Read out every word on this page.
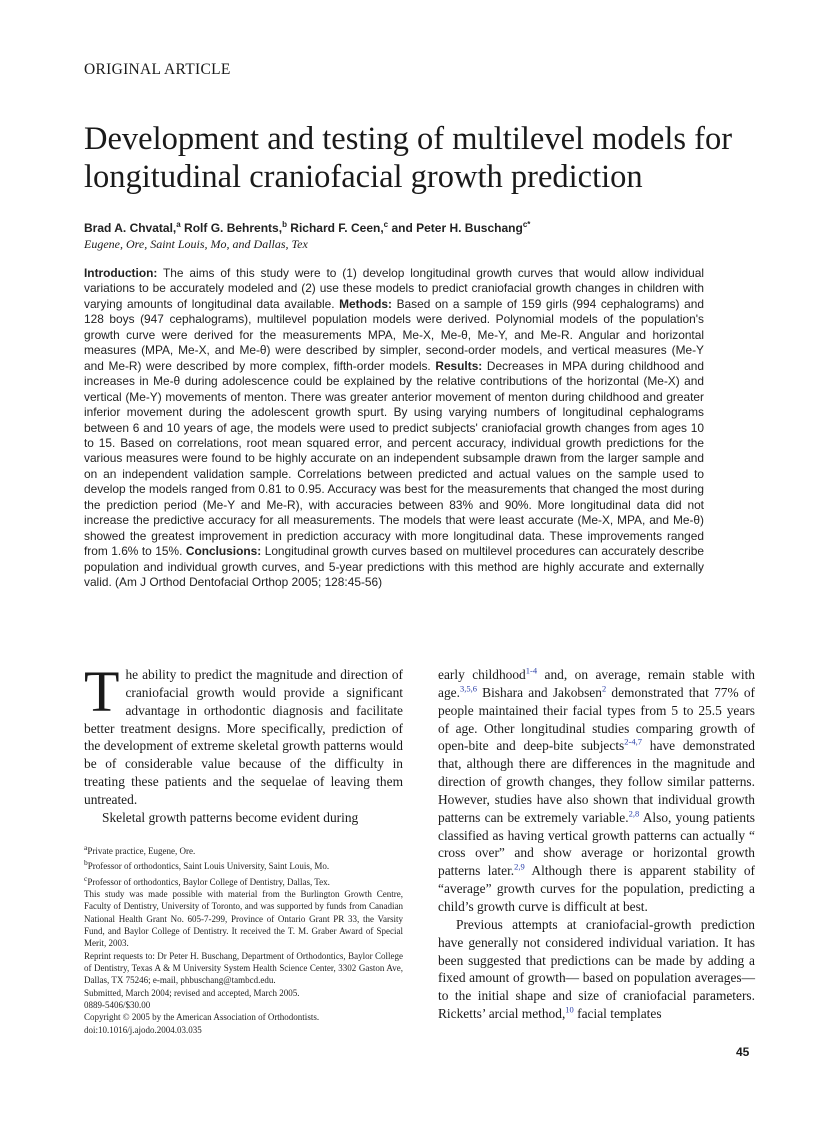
ORIGINAL ARTICLE
Development and testing of multilevel models for longitudinal craniofacial growth prediction
Brad A. Chvatal,$^a$ Rolf G. Behrents,$^b$ Richard F. Ceen,$^c$ and Peter H. Buschang$^{c*}$
Eugene, Ore, Saint Louis, Mo, and Dallas, Tex
Introduction: The aims of this study were to (1) develop longitudinal growth curves that would allow individual variations to be accurately modeled and (2) use these models to predict craniofacial growth changes in children with varying amounts of longitudinal data available. Methods: Based on a sample of 159 girls (994 cephalograms) and 128 boys (947 cephalograms), multilevel population models were derived. Polynomial models of the population's growth curve were derived for the measurements MPA, Me-X, Me-θ, Me-Y, and Me-R. Angular and horizontal measures (MPA, Me-X, and Me-θ) were described by simpler, second-order models, and vertical measures (Me-Y and Me-R) were described by more complex, fifth-order models. Results: Decreases in MPA during childhood and increases in Me-θ during adolescence could be explained by the relative contributions of the horizontal (Me-X) and vertical (Me-Y) movements of menton. There was greater anterior movement of menton during childhood and greater inferior movement during the adolescent growth spurt. By using varying numbers of longitudinal cephalograms between 6 and 10 years of age, the models were used to predict subjects' craniofacial growth changes from ages 10 to 15. Based on correlations, root mean squared error, and percent accuracy, individual growth predictions for the various measures were found to be highly accurate on an independent subsample drawn from the larger sample and on an independent validation sample. Correlations between predicted and actual values on the sample used to develop the models ranged from 0.81 to 0.95. Accuracy was best for the measurements that changed the most during the prediction period (Me-Y and Me-R), with accuracies between 83% and 90%. More longitudinal data did not increase the predictive accuracy for all measurements. The models that were least accurate (Me-X, MPA, and Me-θ) showed the greatest improvement in prediction accuracy with more longitudinal data. These improvements ranged from 1.6% to 15%. Conclusions: Longitudinal growth curves based on multilevel procedures can accurately describe population and individual growth curves, and 5-year predictions with this method are highly accurate and externally valid. (Am J Orthod Dentofacial Orthop 2005; 128:45-56)

The ability to predict the magnitude and direction of craniofacial growth would provide a significant advantage in orthodontic diagnosis and facilitate better treatment designs. More specifically, prediction of the development of extreme skeletal growth patterns would be of considerable value because of the difficulty in treating these patients and the sequelae of leaving them untreated.

Skeletal growth patterns become evident during

$^a$Private practice, Eugene, Ore.

$^b$Professor of orthodontics, Saint Louis University, Saint Louis, Mo.

$^c$Professor of orthodontics, Baylor College of Dentistry, Dallas, Tex.

This study was made possible with material from the Burlington Growth Centre, Faculty of Dentistry, University of Toronto, and was supported by funds from Canadian National Health Grant No. 605-7-299, Province of Ontario Grant PR 33, the Varsity Fund, and Baylor College of Dentistry. It received the T. M. Graber Award of Special Merit, 2003.

Reprint requests to: Dr Peter H. Buschang, Department of Orthodontics, Baylor College of Dentistry, Texas A & M University System Health Science Center, 3302 Gaston Ave, Dallas, TX 75246; e-mail, phbuschang@tambcd.edu.

Submitted, March 2004; revised and accepted, March 2005.

0889-5406/$30.00

Copyright © 2005 by the American Association of Orthodontists.

doi:10.1016/j.ajodo.2004.03.035

early childhood$^{1-4}$ and, on average, remain stable with age.$^{3,5,6}$ Bishara and Jakobsen$^2$ demonstrated that 77% of people maintained their facial types from 5 to 25.5 years of age. Other longitudinal studies comparing growth of open-bite and deep-bite subjects$^{2-4,7}$ have demonstrated that, although there are differences in the magnitude and direction of growth changes, they follow similar patterns. However, studies have also shown that individual growth patterns can be extremely variable.$^{2,8}$ Also, young patients classified as having vertical growth patterns can actually “ cross over” and show average or horizontal growth patterns later.$^{2,9}$ Although there is apparent stability of “average” growth curves for the population, predicting a child’s growth curve is difficult at best.

Previous attempts at craniofacial-growth prediction have generally not considered individual variation. It has been suggested that predictions can be made by adding a fixed amount of growth— based on population averages—to the initial shape and size of craniofacial parameters. Ricketts’ arcial method,$^{10}$ facial templates

45
